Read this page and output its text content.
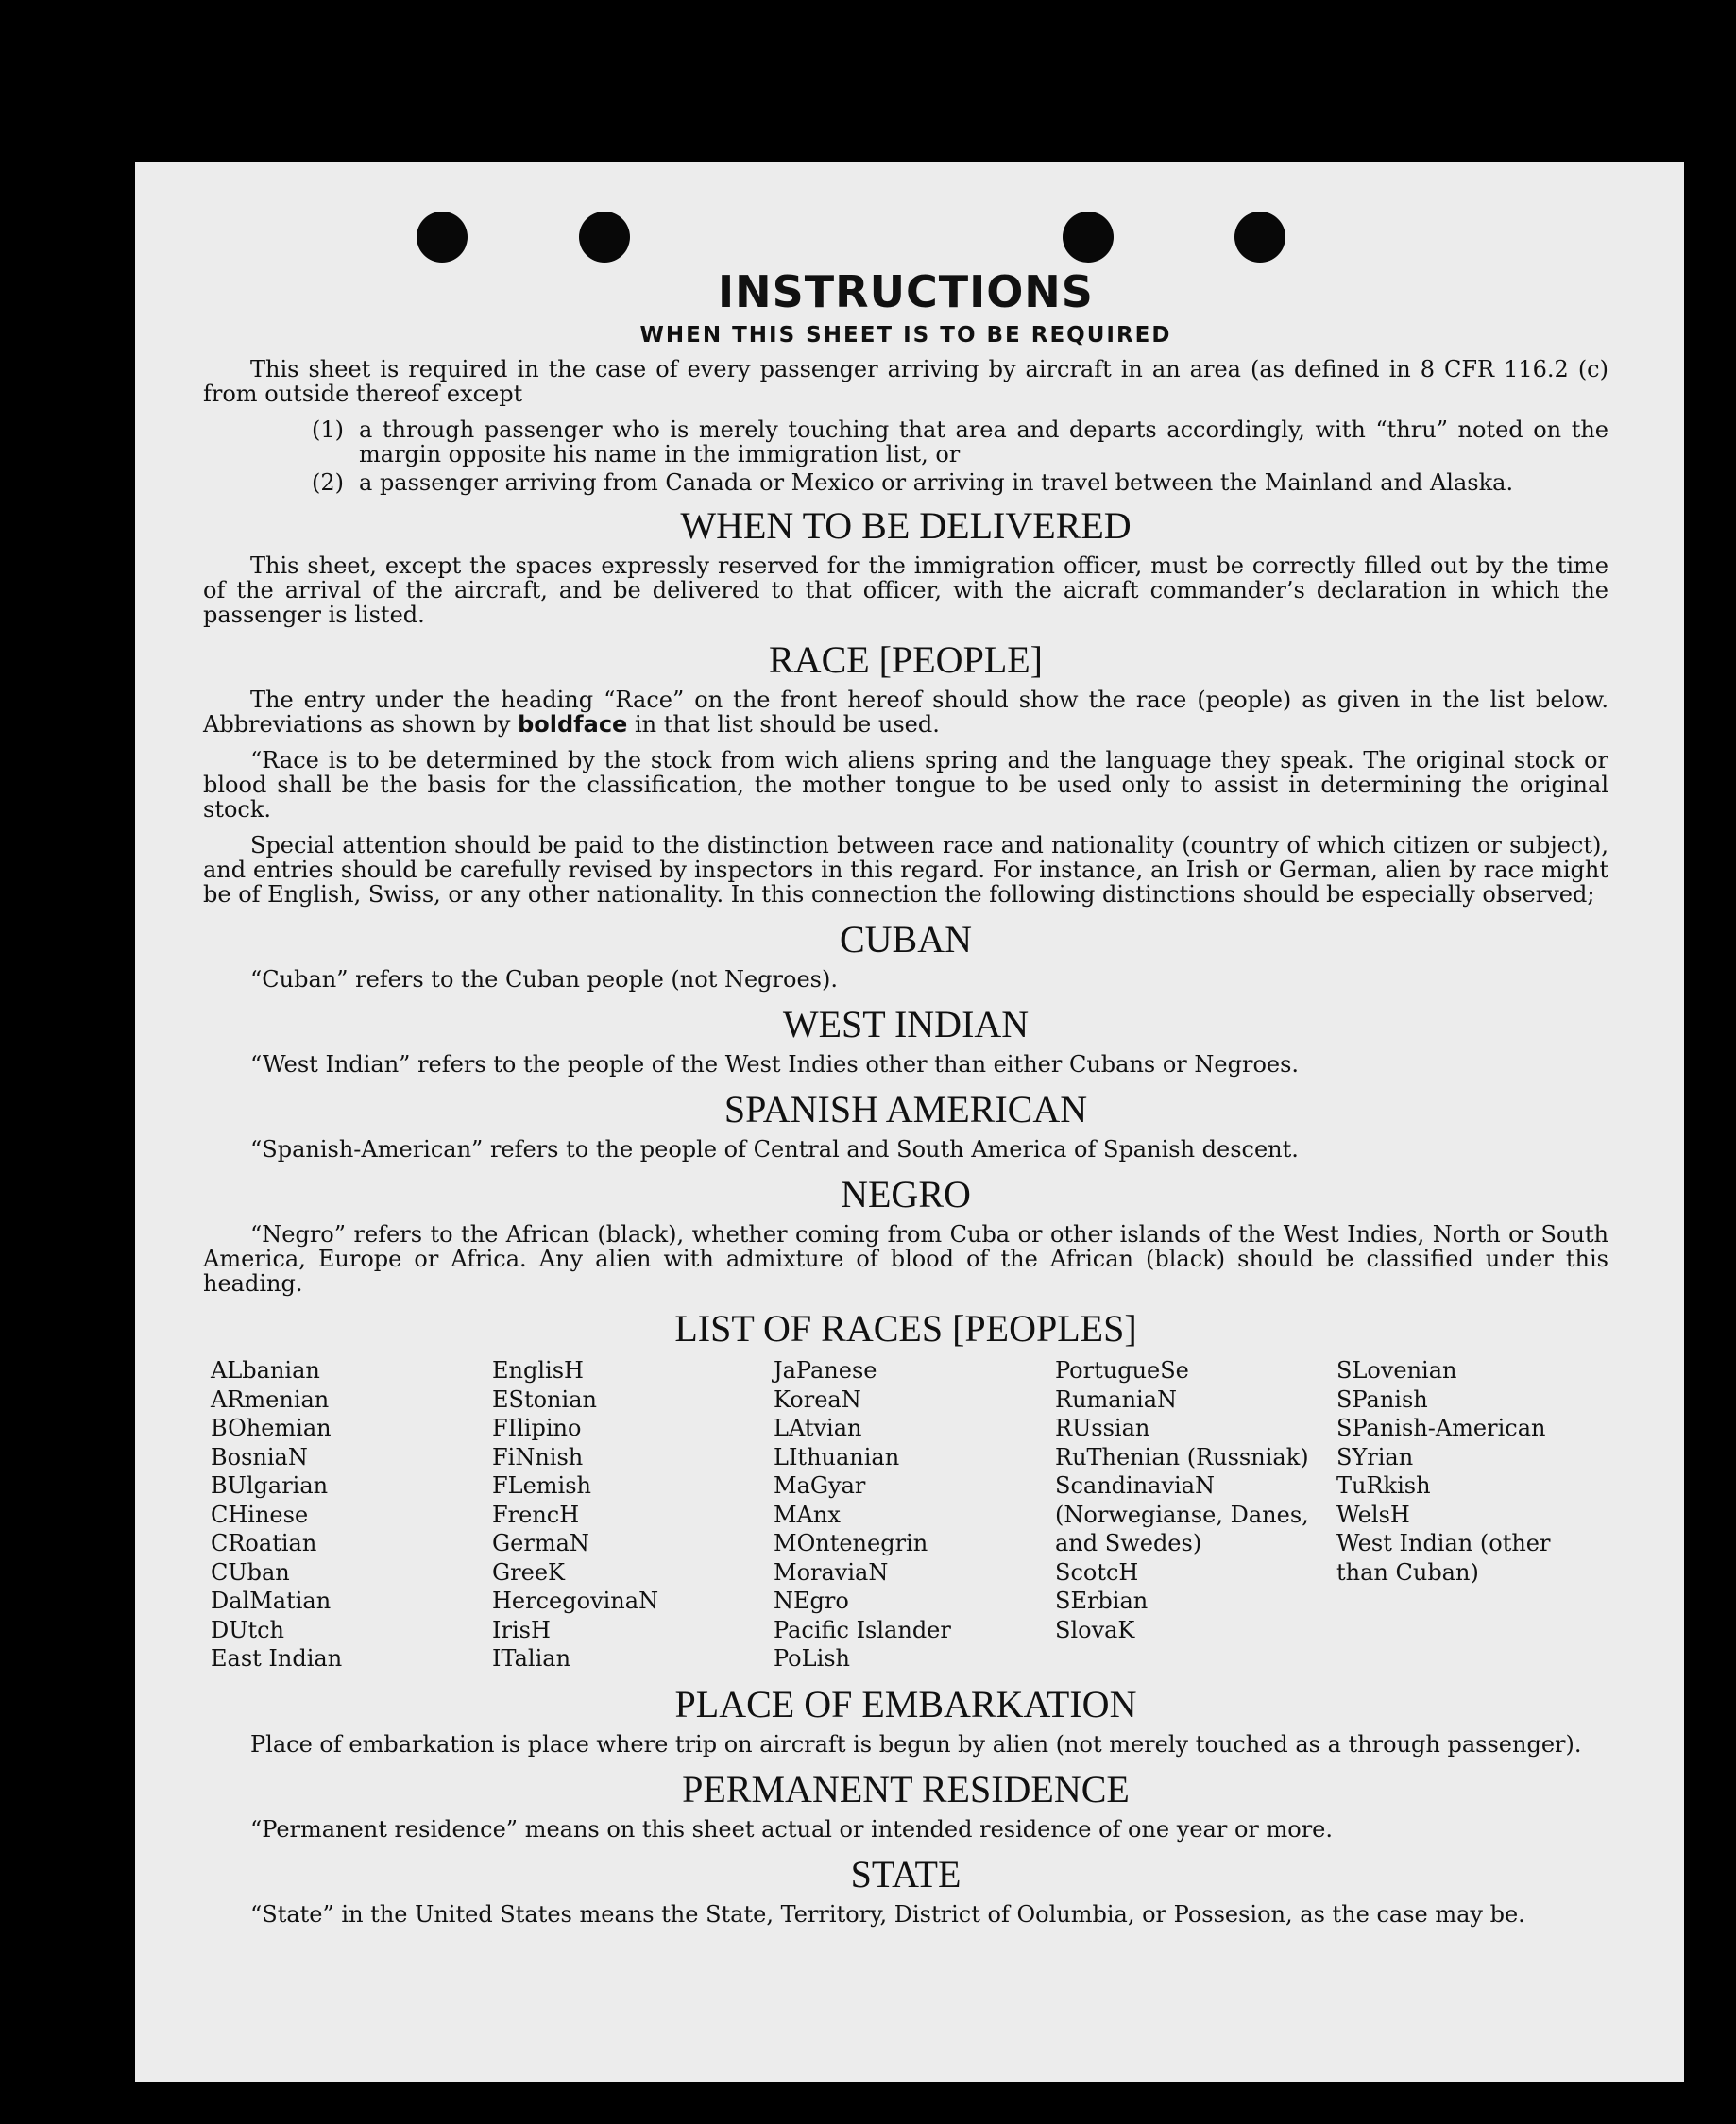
INSTRUCTIONS
WHEN THIS SHEET IS TO BE REQUIRED

This sheet is required in the case of every passenger arriving by aircraft in an area (as defined in 8 CFR 116.2 (c) from outside thereof except

(1) a through passenger who is merely touching that area and departs accordingly, with “thru” noted on the margin opposite his name in the immigration list, or
(2) a passenger arriving from Canada or Mexico or arriving in travel between the Mainland and Alaska.
WHEN TO BE DELIVERED

This sheet, except the spaces expressly reserved for the immigration officer, must be correctly filled out by the time of the arrival of the aircraft, and be delivered to that officer, with the aicraft commander’s declaration in which the passenger is listed.

RACE [PEOPLE]

The entry under the heading “Race” on the front hereof should show the race (people) as given in the list below. Abbreviations as shown by boldface in that list should be used.

“Race is to be determined by the stock from wich aliens spring and the language they speak. The original stock or blood shall be the basis for the classification, the mother tongue to be used only to assist in determining the original stock.

Special attention should be paid to the distinction between race and nationality (country of which citizen or subject), and entries should be carefully revised by inspectors in this regard. For instance, an Irish or German, alien by race might be of English, Swiss, or any other nationality. In this connection the following distinctions should be especially observed;

CUBAN

“Cuban” refers to the Cuban people (not Negroes).

WEST INDIAN

“West Indian” refers to the people of the West Indies other than either Cubans or Negroes.

SPANISH AMERICAN

“Spanish-American” refers to the people of Central and South America of Spanish descent.

NEGRO

“Negro” refers to the African (black), whether coming from Cuba or other islands of the West Indies, North or South America, Europe or Africa. Any alien with admixture of blood of the African (black) should be classified under this heading.

LIST OF RACES [PEOPLES]
ALbanian
ARmenian
BOhemian
BosniaN
BUlgarian
CHinese
CRoatian
CUban
DalMatian
DUtch
East Indian
EnglisH
EStonian
FIlipino
FiNnish
FLemish
FrencH
GermaN
GreeK
HercegovinaN
IrisH
ITalian
JaPanese
KoreaN
LAtvian
LIthuanian
MaGyar
MAnx
MOntenegrin
MoraviaN
NEgro
Pacific Islander
PoLish
PortugueSe
RumaniaN
RUssian
RuThenian (Russniak)
ScandinaviaN (Norwegianse, Danes, and Swedes)
ScotcH
SErbian
SlovaK
SLovenian
SPanish
SPanish-American
SYrian
TuRkish
WelsH
West Indian (other than Cuban)
PLACE OF EMBARKATION

Place of embarkation is place where trip on aircraft is begun by alien (not merely touched as a through passenger).

PERMANENT RESIDENCE

“Permanent residence” means on this sheet actual or intended residence of one year or more.

STATE

“State” in the United States means the State, Territory, District of Oolumbia, or Possesion, as the case may be.
